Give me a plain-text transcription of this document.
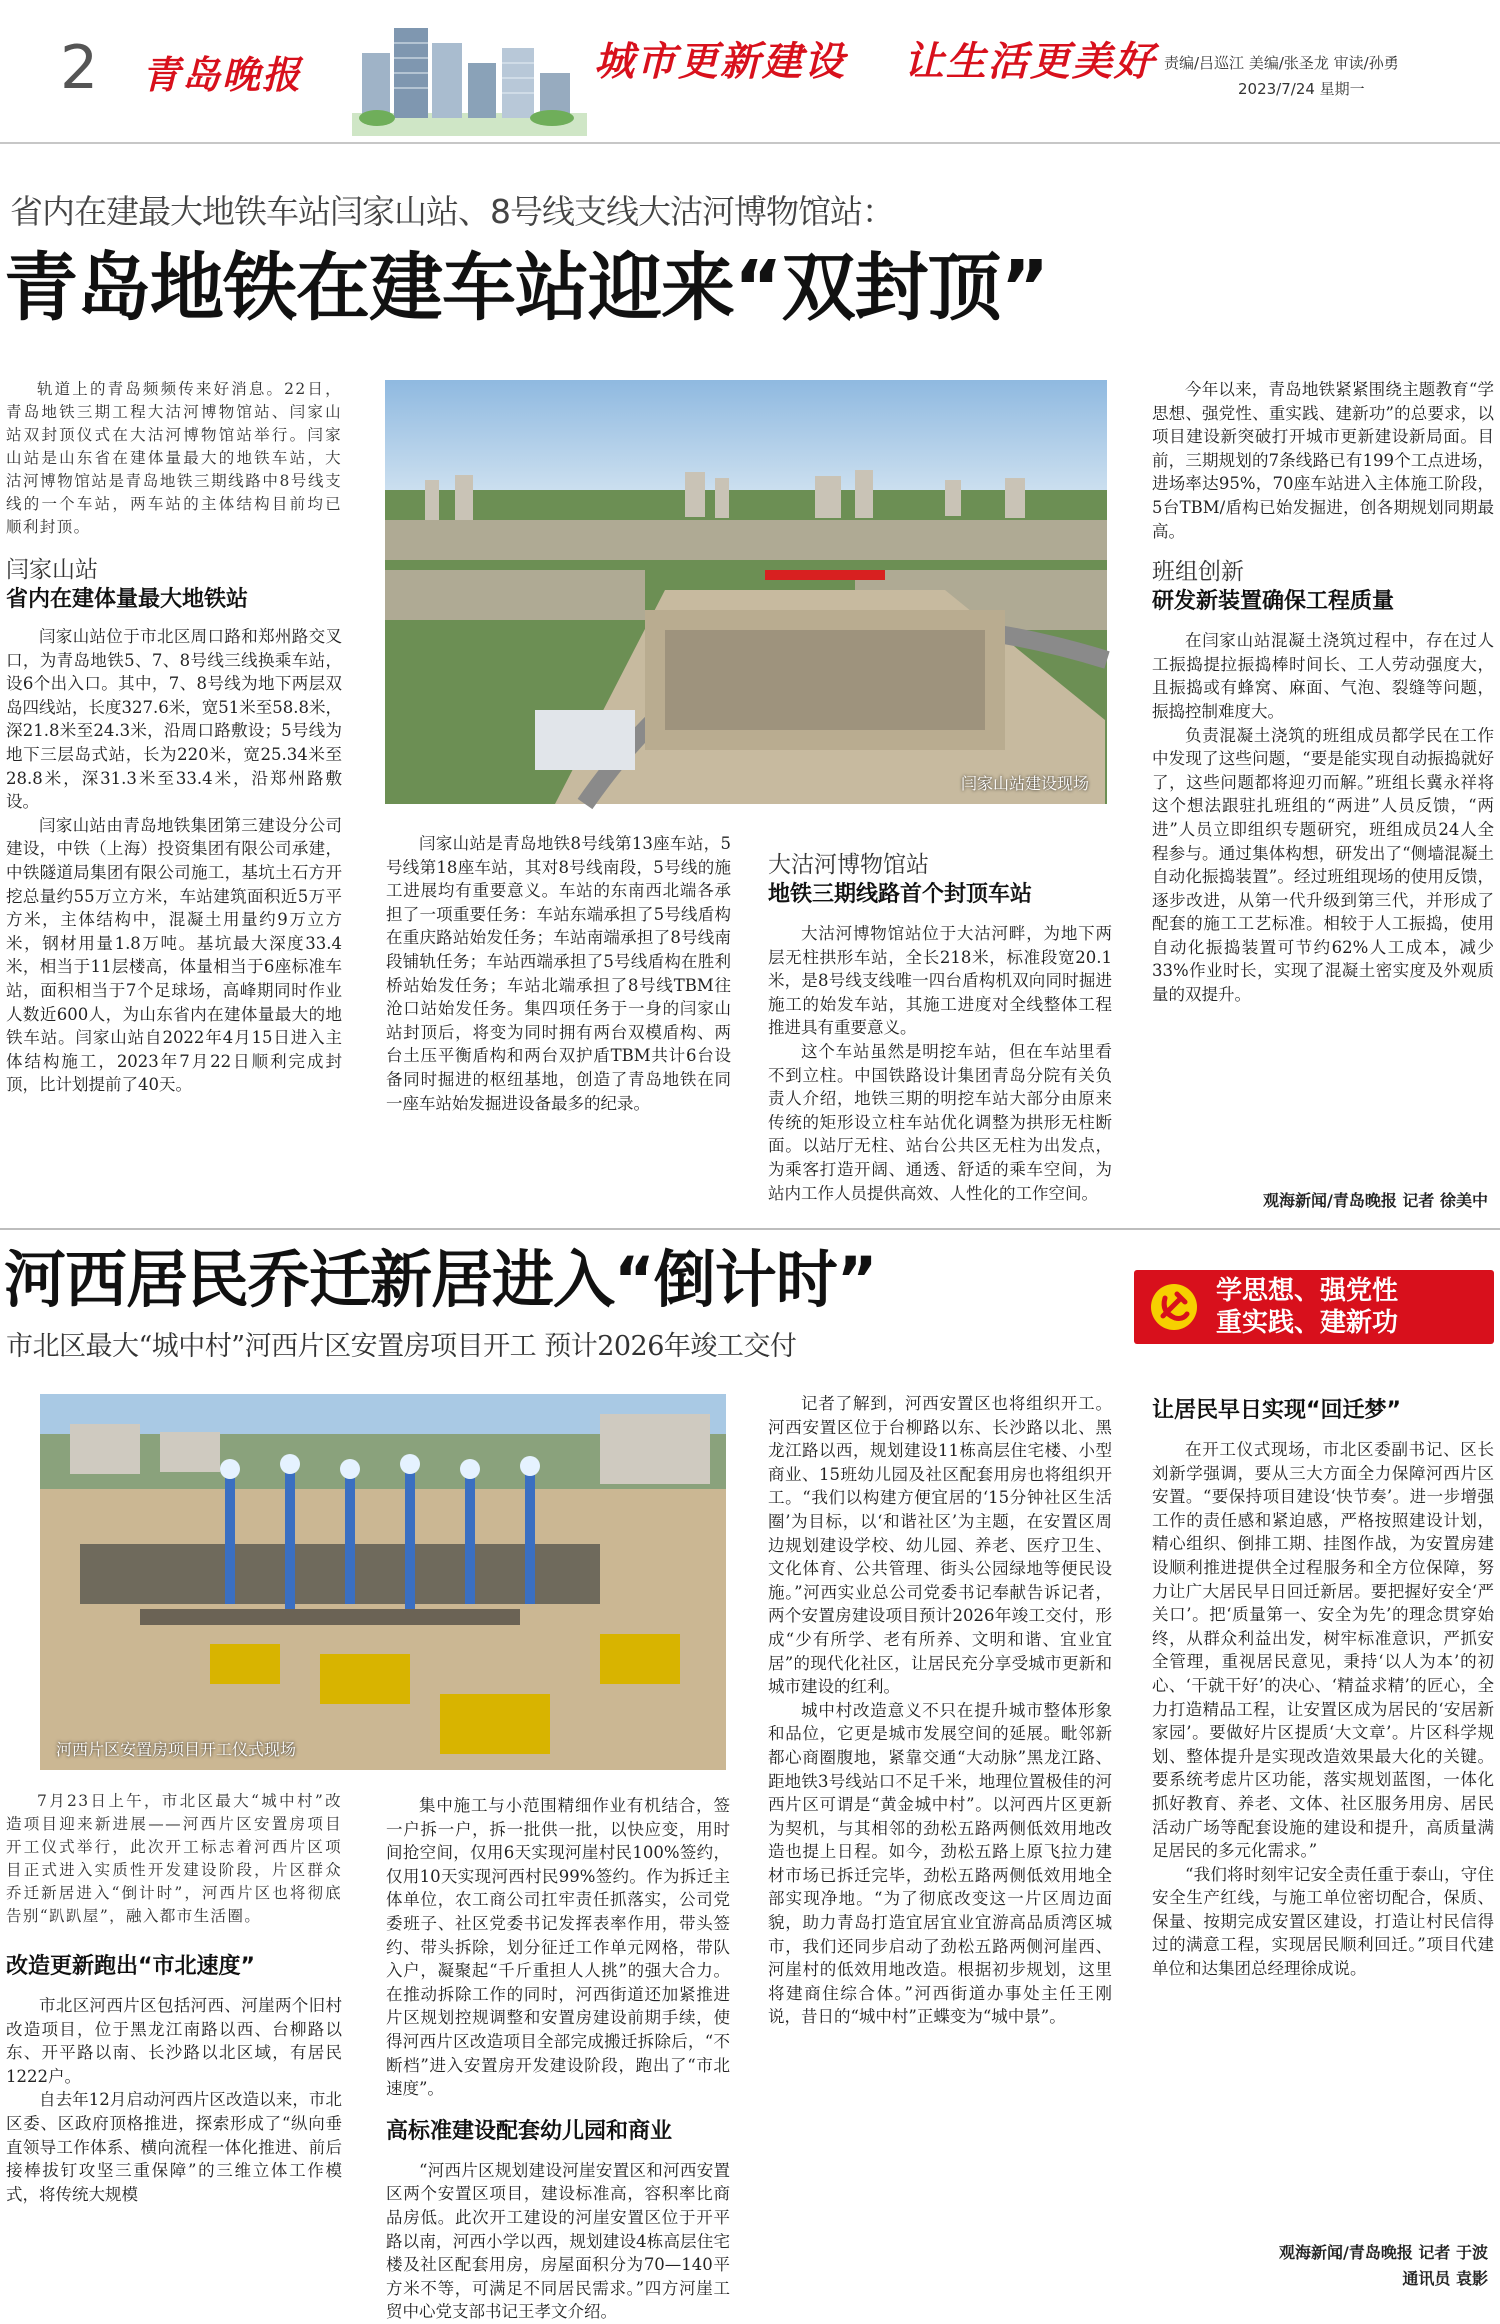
2 青岛晚报	城市更新建设 让生活更美好 责编/吕巡江 美编/张圣龙 审读/孙勇
2023/7/24 星期一
省内在建最大地铁车站闫家山站、8号线支线大沽河博物馆站：
青岛地铁在建车站迎来“双封顶”

轨道上的青岛频频传来好消息。22日，青岛地铁三期工程大沽河博物馆站、闫家山站双封顶仪式在大沽河博物馆站举行。闫家山站是山东省在建体量最大的地铁车站，大沽河博物馆站是青岛地铁三期线路中8号线支线的一个车站，两车站的主体结构目前均已顺利封顶。

闫家山站
省内在建体量最大地铁站

闫家山站位于市北区周口路和郑州路交叉口，为青岛地铁5、7、8号线三线换乘车站，设6个出入口。其中，7、8号线为地下两层双岛四线站，长度327.6米，宽51米至58.8米，深21.8米至24.3米，沿周口路敷设；5号线为地下三层岛式站，长为220米，宽25.34米至28.8米，深31.3米至33.4米，沿郑州路敷设。

闫家山站由青岛地铁集团第三建设分公司建设，中铁（上海）投资集团有限公司承建，中铁隧道局集团有限公司施工，基坑土石方开挖总量约55万立方米，车站建筑面积近5万平方米，主体结构中，混凝土用量约9万立方米，钢材用量1.8万吨。基坑最大深度33.4米，相当于11层楼高，体量相当于6座标准车站，面积相当于7个足球场，高峰期同时作业人数近600人，为山东省内在建体量最大的地铁车站。闫家山站自2022年4月15日进入主体结构施工，2023年7月22日顺利完成封顶，比计划提前了40天。

闫家山站建设现场

闫家山站是青岛地铁8号线第13座车站，5号线第18座车站，其对8号线南段，5号线的施工进展均有重要意义。车站的东南西北端各承担了一项重要任务：车站东端承担了5号线盾构在重庆路站始发任务；车站南端承担了8号线南段铺轨任务；车站西端承担了5号线盾构在胜利桥站始发任务；车站北端承担了8号线TBM往沧口站始发任务。集四项任务于一身的闫家山站封顶后，将变为同时拥有两台双模盾构、两台土压平衡盾构和两台双护盾TBM共计6台设备同时掘进的枢纽基地，创造了青岛地铁在同一座车站始发掘进设备最多的纪录。

大沽河博物馆站
地铁三期线路首个封顶车站

大沽河博物馆站位于大沽河畔，为地下两层无柱拱形车站，全长218米，标准段宽20.1米，是8号线支线唯一四台盾构机双向同时掘进施工的始发车站，其施工进度对全线整体工程推进具有重要意义。

这个车站虽然是明挖车站，但在车站里看不到立柱。中国铁路设计集团青岛分院有关负责人介绍，地铁三期的明挖车站大部分由原来传统的矩形设立柱车站优化调整为拱形无柱断面。以站厅无柱、站台公共区无柱为出发点，为乘客打造开阔、通透、舒适的乘车空间，为站内工作人员提供高效、人性化的工作空间。

今年以来，青岛地铁紧紧围绕主题教育“学思想、强党性、重实践、建新功”的总要求，以项目建设新突破打开城市更新建设新局面。目前，三期规划的7条线路已有199个工点进场，进场率达95%，70座车站进入主体施工阶段，5台TBM/盾构已始发掘进，创各期规划同期最高。

班组创新
研发新装置确保工程质量

在闫家山站混凝土浇筑过程中，存在过人工振捣提拉振捣棒时间长、工人劳动强度大，且振捣或有蜂窝、麻面、气泡、裂缝等问题，振捣控制难度大。

负责混凝土浇筑的班组成员都学民在工作中发现了这些问题，“要是能实现自动振捣就好了，这些问题都将迎刃而解。”班组长冀永祥将这个想法跟驻扎班组的“两进”人员反馈，“两进”人员立即组织专题研究，班组成员24人全程参与。通过集体构想，研发出了“侧墙混凝土自动化振捣装置”。经过班组现场的使用反馈，逐步改进，从第一代升级到第三代，并形成了配套的施工工艺标准。相较于人工振捣，使用自动化振捣装置可节约62%人工成本，减少33%作业时长，实现了混凝土密实度及外观质量的双提升。

观海新闻/青岛晚报 记者 徐美中
河西居民乔迁新居进入“倒计时”
市北区最大“城中村”河西片区安置房项目开工 预计2026年竣工交付
学思想、强党性
重实践、建新功
河西片区安置房项目开工仪式现场

7月23日上午，市北区最大“城中村”改造项目迎来新进展——河西片区安置房项目开工仪式举行，此次开工标志着河西片区项目正式进入实质性开发建设阶段，片区群众乔迁新居进入“倒计时”，河西片区也将彻底告别“趴趴屋”，融入都市生活圈。

改造更新跑出“市北速度”

市北区河西片区包括河西、河崖两个旧村改造项目，位于黑龙江南路以西、台柳路以东、开平路以南、长沙路以北区域，有居民1222户。

自去年12月启动河西片区改造以来，市北区委、区政府顶格推进，探索形成了“纵向垂直领导工作体系、横向流程一体化推进、前后接棒拔钉攻坚三重保障”的三维立体工作模式，将传统大规模

集中施工与小范围精细作业有机结合，签一户拆一户，拆一批供一批，以快应变，用时间抢空间，仅用6天实现河崖村民100%签约，仅用10天实现河西村民99%签约。作为拆迁主体单位，农工商公司扛牢责任抓落实，公司党委班子、社区党委书记发挥表率作用，带头签约、带头拆除，划分征迁工作单元网格，带队入户，凝聚起“千斤重担人人挑”的强大合力。在推动拆除工作的同时，河西街道还加紧推进片区规划控规调整和安置房建设前期手续，使得河西片区改造项目全部完成搬迁拆除后，“不断档”进入安置房开发建设阶段，跑出了“市北速度”。

高标准建设配套幼儿园和商业

“河西片区规划建设河崖安置区和河西安置区两个安置区项目，建设标准高，容积率比商品房低。此次开工建设的河崖安置区位于开平路以南，河西小学以西，规划建设4栋高层住宅楼及社区配套用房，房屋面积分为70—140平方米不等，可满足不同居民需求。”四方河崖工贸中心党支部书记王孝文介绍。

记者了解到，河西安置区也将组织开工。河西安置区位于台柳路以东、长沙路以北、黑龙江路以西，规划建设11栋高层住宅楼、小型商业、15班幼儿园及社区配套用房也将组织开工。“我们以构建方便宜居的‘15分钟社区生活圈’为目标，以‘和谐社区’为主题，在安置区周边规划建设学校、幼儿园、养老、医疗卫生、文化体育、公共管理、街头公园绿地等便民设施。”河西实业总公司党委书记奉献告诉记者，两个安置房建设项目预计2026年竣工交付，形成“少有所学、老有所养、文明和谐、宜业宜居”的现代化社区，让居民充分享受城市更新和城市建设的红利。

城中村改造意义不只在提升城市整体形象和品位，它更是城市发展空间的延展。毗邻新都心商圈腹地，紧靠交通“大动脉”黑龙江路、距地铁3号线站口不足千米，地理位置极佳的河西片区可谓是“黄金城中村”。以河西片区更新为契机，与其相邻的劲松五路两侧低效用地改造也提上日程。如今，劲松五路上原飞拉力建材市场已拆迁完毕，劲松五路两侧低效用地全部实现净地。“为了彻底改变这一片区周边面貌，助力青岛打造宜居宜业宜游高品质湾区城市，我们还同步启动了劲松五路两侧河崖西、河崖村的低效用地改造。根据初步规划，这里将建商住综合体。”河西街道办事处主任王刚说，昔日的“城中村”正蝶变为“城中景”。

让居民早日实现“回迁梦”

在开工仪式现场，市北区委副书记、区长刘新学强调，要从三大方面全力保障河西片区安置。“要保持项目建设‘快节奏’。进一步增强工作的责任感和紧迫感，严格按照建设计划，精心组织、倒排工期、挂图作战，为安置房建设顺利推进提供全过程服务和全方位保障，努力让广大居民早日回迁新居。要把握好安全‘严关口’。把‘质量第一、安全为先’的理念贯穿始终，从群众利益出发，树牢标准意识，严抓安全管理，重视居民意见，秉持‘以人为本’的初心、‘干就干好’的决心、‘精益求精’的匠心，全力打造精品工程，让安置区成为居民的‘安居新家园’。要做好片区提质‘大文章’。片区科学规划、整体提升是实现改造效果最大化的关键。要系统考虑片区功能，落实规划蓝图，一体化抓好教育、养老、文体、社区服务用房、居民活动广场等配套设施的建设和提升，高质量满足居民的多元化需求。”

“我们将时刻牢记安全责任重于泰山，守住安全生产红线，与施工单位密切配合，保质、保量、按期完成安置区建设，打造让村民信得过的满意工程，实现居民顺利回迁。”项目代建单位和达集团总经理徐成说。

观海新闻/青岛晚报 记者 于波
通讯员 袁影
